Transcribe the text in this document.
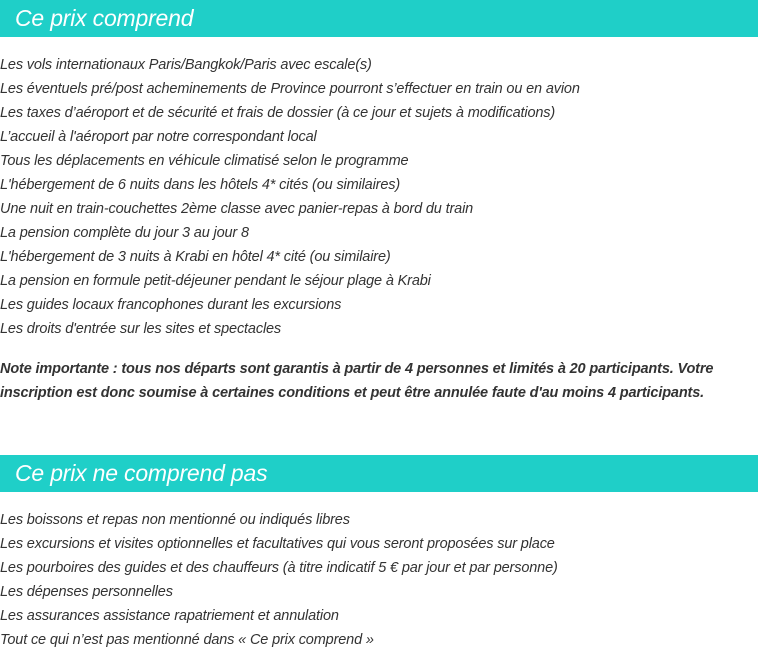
Ce prix comprend
Les vols internationaux Paris/Bangkok/Paris avec escale(s)
Les éventuels pré/post acheminements de Province pourront s’effectuer en train ou en avion
Les taxes d’aéroport et de sécurité et frais de dossier (à ce jour et sujets à modifications)
L’accueil à l'aéroport par notre correspondant local
Tous les déplacements en véhicule climatisé selon le programme
L'hébergement de 6 nuits dans les hôtels 4* cités (ou similaires)
Une nuit en train-couchettes 2ème classe avec panier-repas à bord du train
La pension complète du jour 3 au jour 8
L'hébergement de 3 nuits à Krabi en hôtel 4* cité (ou similaire)
La pension en formule petit-déjeuner pendant le séjour plage à Krabi
Les guides locaux francophones durant les excursions
Les droits d'entrée sur les sites et spectacles
Note importante : tous nos départs sont garantis à partir de 4 personnes et limités à 20 participants. Votre inscription est donc soumise à certaines conditions et peut être annulée faute d'au moins 4 participants.
Ce prix ne comprend pas
Les boissons et repas non mentionné ou indiqués libres
Les excursions et visites optionnelles et facultatives qui vous seront proposées sur place
Les pourboires des guides et des chauffeurs (à titre indicatif 5 € par jour et par personne)
Les dépenses personnelles
Les assurances assistance rapatriement et annulation
Tout ce qui n’est pas mentionné dans « Ce prix comprend »
